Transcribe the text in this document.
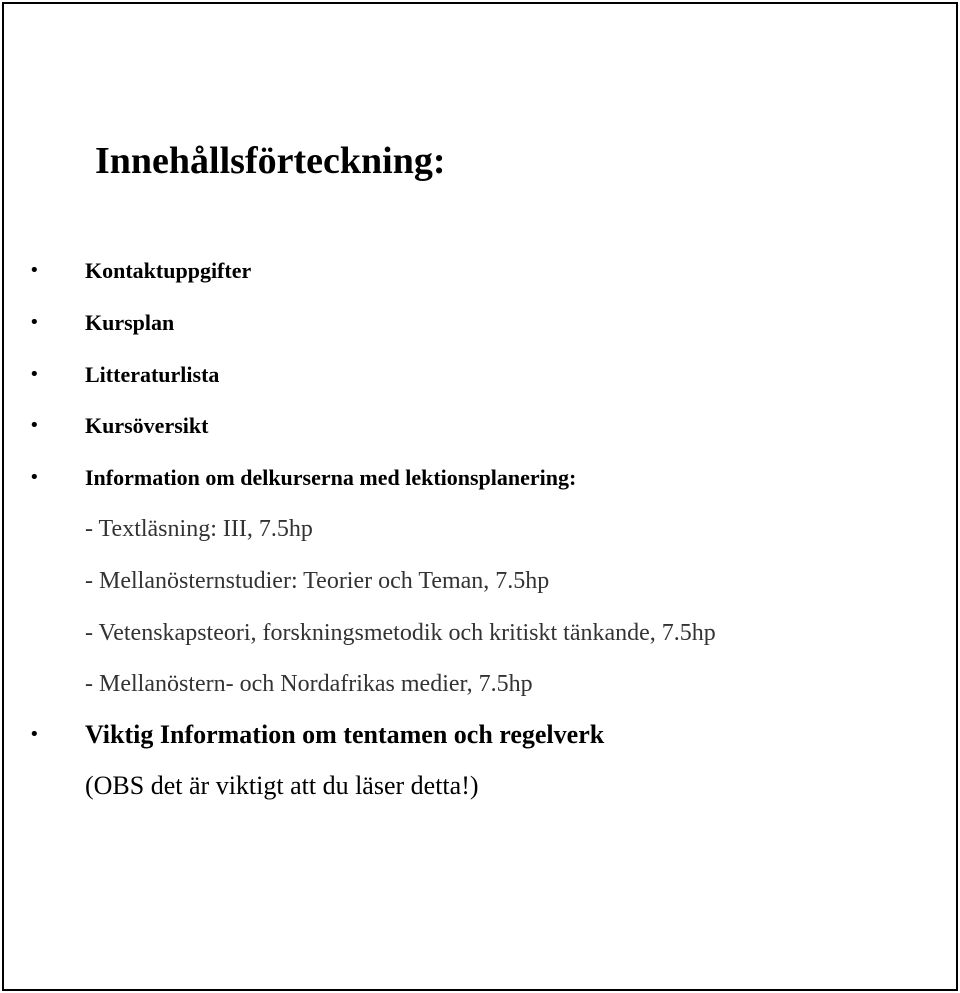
Innehållsförteckning:
• Kontaktuppgifter
• Kursplan
• Litteraturlista
• Kursöversikt
• Information om delkurserna med lektionsplanering:
- Textläsning: III, 7.5hp
- Mellanösternstudier: Teorier och Teman, 7.5hp
- Vetenskapsteori, forskningsmetodik och kritiskt tänkande, 7.5hp
- Mellanöstern- och Nordafrikas medier, 7.5hp
• Viktig Information om tentamen och regelverk
(OBS det är viktigt att du läser detta!)
